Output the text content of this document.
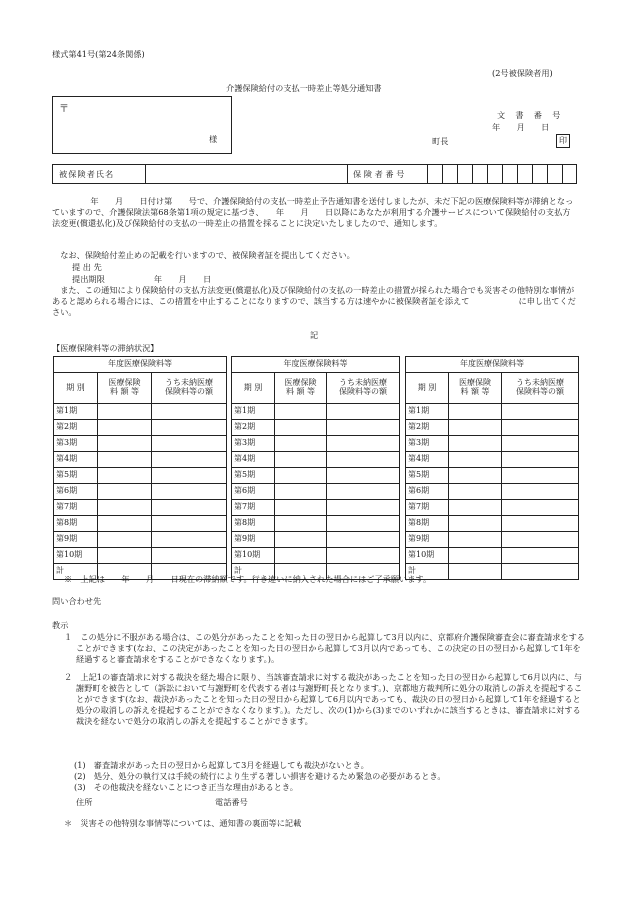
様式第41号(第24条関係)
(2号被保険者用)
介護保険給付の支払一時差止等処分通知書
〒
様
文　書　番　号
年　　月　　日
町長	印
被保険者氏名	保 険 者 番 号
　　年　　月　　日付け第　　号で、介護保険給付の支払一時差止予告通知書を送付しましたが、未だ下記の医療保険料等が滞納となっていますので、介護保険法第68条第1項の規定に基づき、　　年　　月　　日以降にあなたが利用する介護サービスについて保険給付の支払方法変更(償還払化)及び保険給付の支払の一時差止の措置を採ることに決定いたしましたので、通知します。
　なお、保険給付差止めの記載を行いますので、被保険者証を提出してください。
提 出 先
提出期限　　　　　　年　　月　　日
　また、この通知により保険給付の支払方法変更(償還払化)及び保険給付の支払の一時差止の措置が採られた場合でも災害その他特別な事情があると認められる場合には、この措置を中止することになりますので、該当する方は速やかに被保険者証を添えて　　　　　　に申し出てください。
記
【医療保険料等の滞納状況】
年度医療保険料等		
期 別	医療保険
料 額 等	うち未納医療
保険料等の額
第1期		
第2期		
第3期		
第4期		
第5期		
第6期		
第7期		
第8期		
第9期		
第10期		
計		
年度医療保険料等		
期 別	医療保険
料 額 等	うち未納医療
保険料等の額
第1期		
第2期		
第3期		
第4期		
第5期		
第6期		
第7期		
第8期		
第9期		
第10期		
計		
年度医療保険料等		
期 別	医療保険
料 額 等	うち未納医療
保険料等の額
第1期		
第2期		
第3期		
第4期		
第5期		
第6期		
第7期		
第8期		
第9期		
第10期		
計		
※　上記は　　年　　月　　日現在の滞納額です。行き違いに納入された場合にはご了承願います。
問い合わせ先
教示
１　この処分に不服がある場合は、この処分があったことを知った日の翌日から起算して3月以内に、京都府介護保険審査会に審査請求をすることができます(なお、この決定があったことを知った日の翌日から起算して3月以内であっても、この決定の日の翌日から起算して1年を経過すると審査請求をすることができなくなります。)。
２　上記1の審査請求に対する裁決を経た場合に限り、当該審査請求に対する裁決があったことを知った日の翌日から起算して6月以内に、与謝野町を被告として（訴訟において与謝野町を代表する者は与謝野町長となります。)、京都地方裁判所に処分の取消しの訴えを提起することができます(なお、裁決があったことを知った日の翌日から起算して6月以内であっても、裁決の日の翌日から起算して1年を経過すると処分の取消しの訴えを提起することができなくなります。)。ただし、次の(1)から(3)までのいずれかに該当するときは、審査請求に対する裁決を経ないで処分の取消しの訴えを提起することができます。
(1)　審査請求があった日の翌日から起算して3月を経過しても裁決がないとき。
(2)　処分、処分の執行又は手続の続行により生ずる著しい損害を避けるため緊急の必要があるとき。
(3)　その他裁決を経ないことにつき正当な理由があるとき。
住所	電話番号
＊　災害その他特別な事情等については、通知書の裏面等に記載
